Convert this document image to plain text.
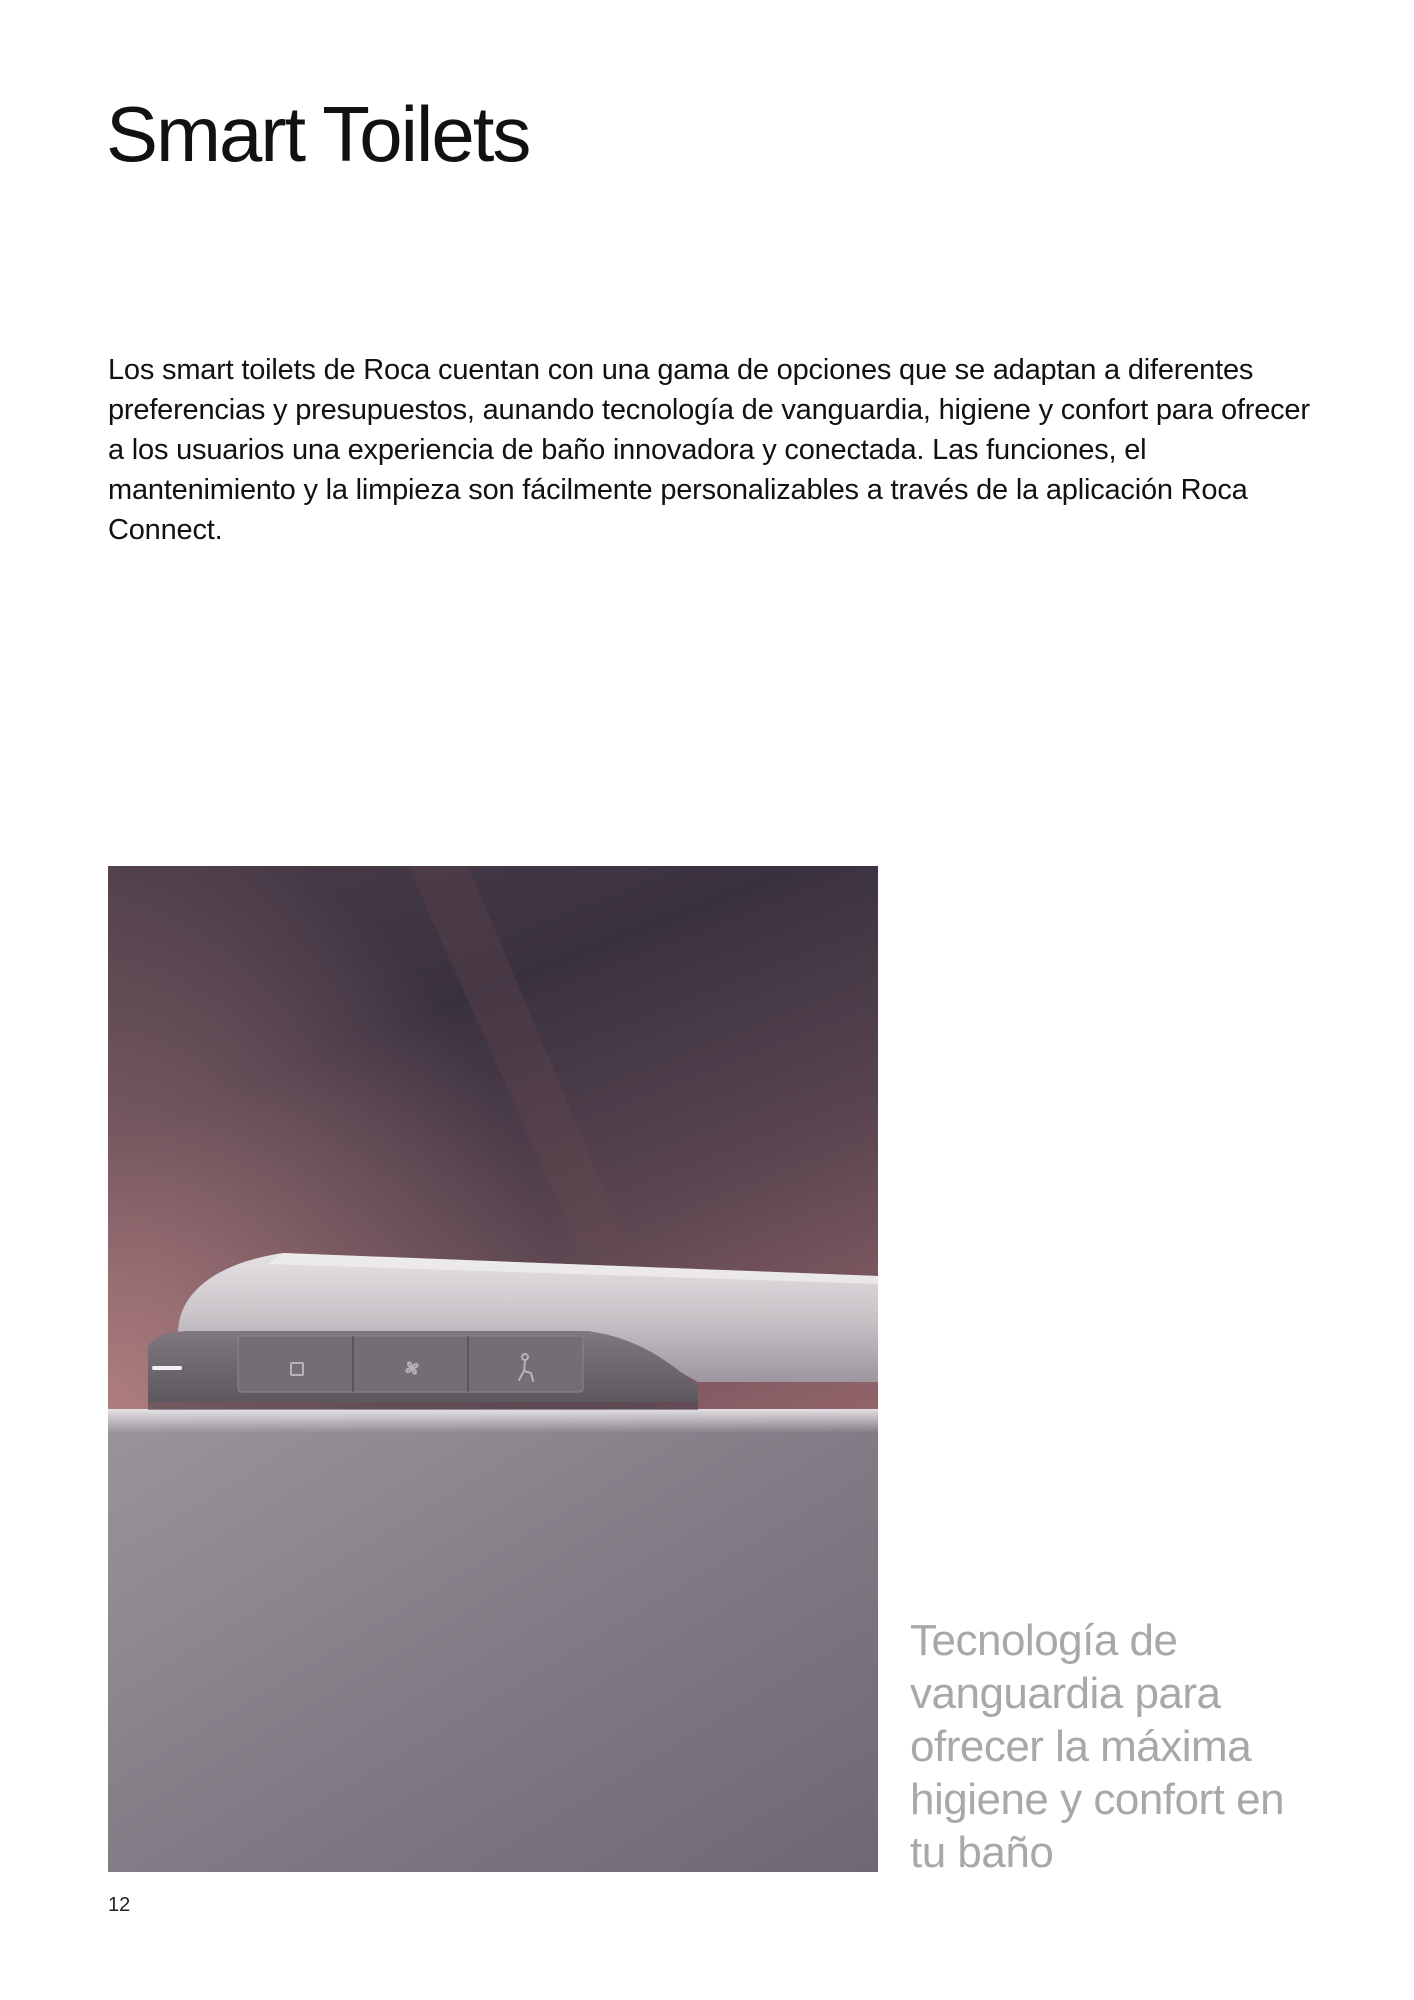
Smart Toilets

Los smart toilets de Roca cuentan con una gama de opciones que se adaptan a diferentes preferencias y presupuestos, aunando tecnología de vanguardia, higiene y confort para ofrecer a los usuarios una experiencia de baño innovadora y conectada. Las funciones, el mantenimiento y la limpieza son fácilmente personalizables a través de la aplicación Roca Connect.

Tecnología de vanguardia para ofrecer la máxima higiene y confort en tu baño

12
